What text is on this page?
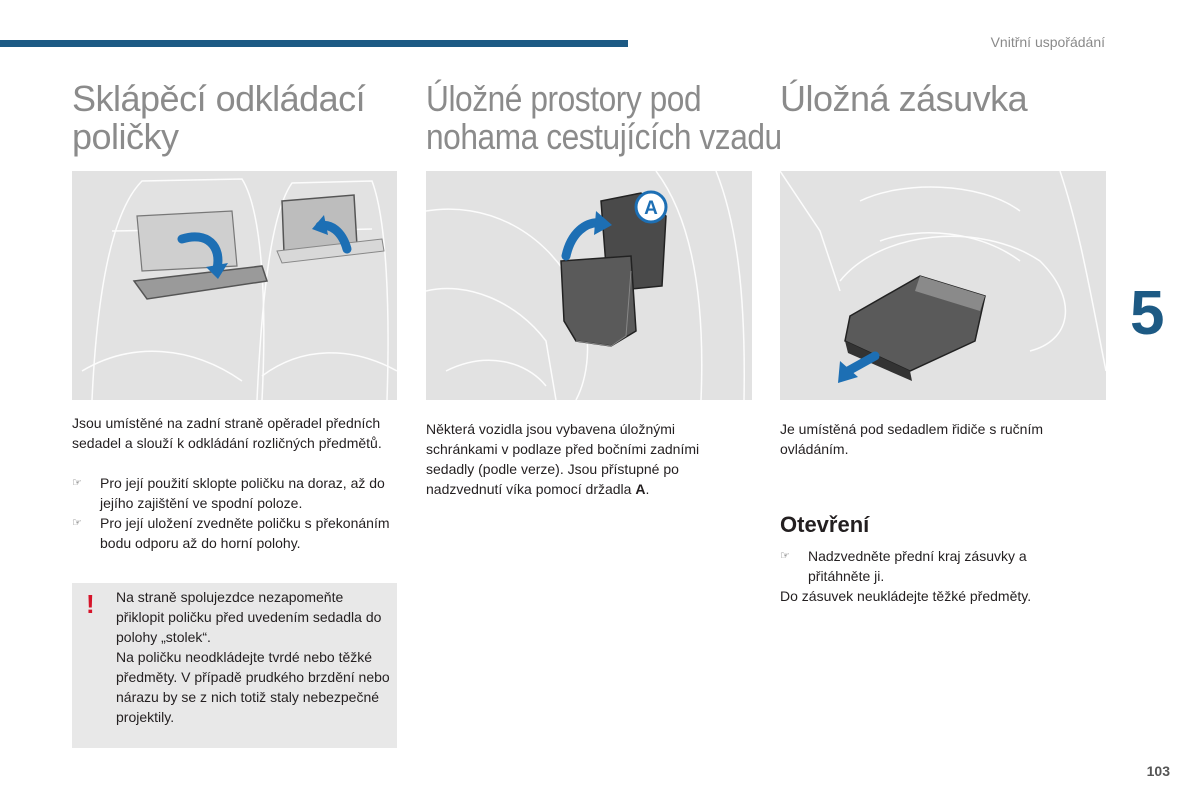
Vnitřní uspořádání
Sklápěcí odkládací
poličky

Jsou umístěné na zadní straně opěradel předních sedadel a slouží k odkládání rozličných předmětů.

☞	Pro její použití sklopte poličku na doraz, až do jejího zajištění ve spodní poloze.
☞	Pro její uložení zvedněte poličku s překonáním bodu odporu až do horní polohy.
! Na straně spolujezdce nezapomeňte přiklopit poličku před uvedením sedadla do polohy „stolek“.
Na poličku neodkládejte tvrdé nebo těžké předměty. V případě prudkého brzdění nebo nárazu by se z nich totiž staly nebezpečné projektily.

Úložné prostory pod
nohama cestujících vzadu
A

Některá vozidla jsou vybavena úložnými schránkami v podlaze před bočními zadními sedadly (podle verze). Jsou přístupné po nadzvednutí víka pomocí držadla A.

Úložná zásuvka

Je umístěná pod sedadlem řidiče s ručním ovládáním.

Otevření
☞	Nadzvedněte přední kraj zásuvky a přitáhněte ji.

Do zásuvek neukládejte těžké předměty.

5
103
